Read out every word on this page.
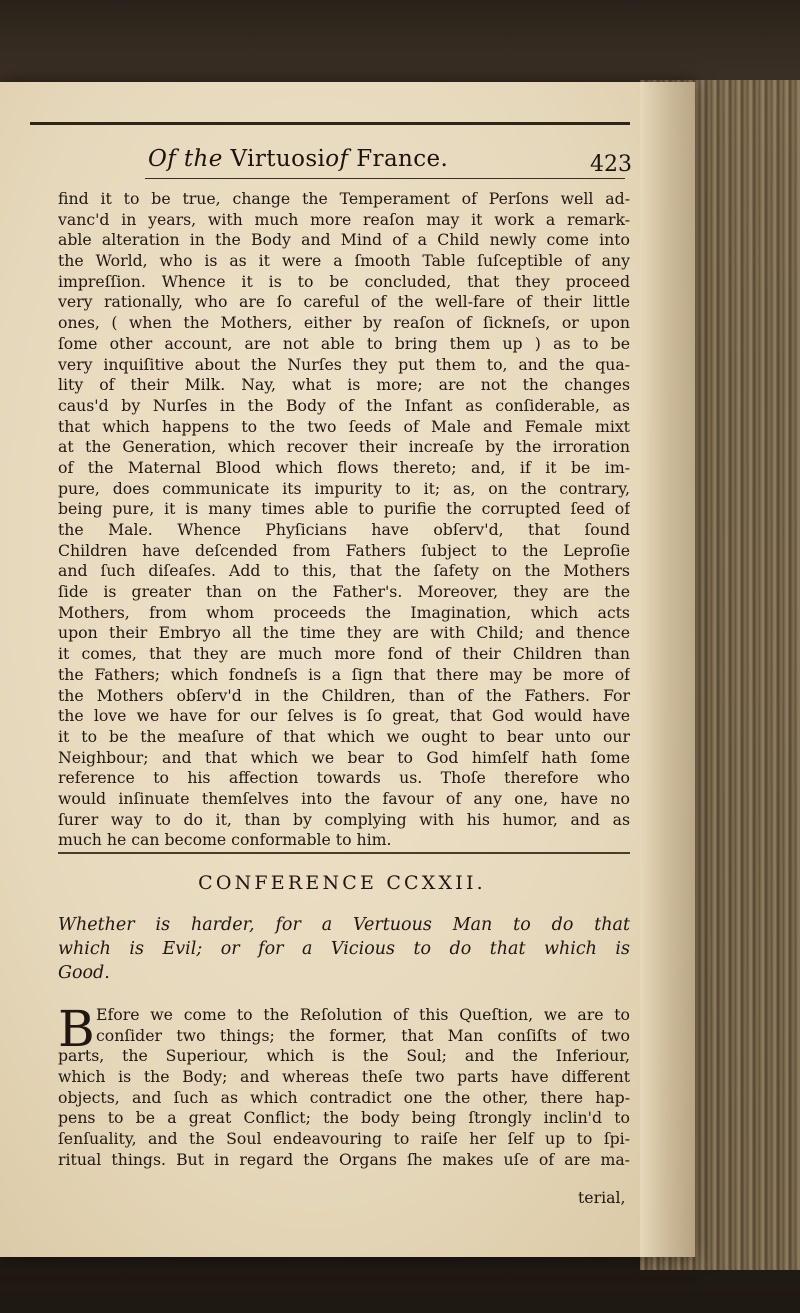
Of the Virtuosiof France.	423
find it to be true, change the Temperament of Perſons well ad-
vanc'd in years, with much more reaſon may it work a remark-
able alteration in the Body and Mind of a Child newly come into
the World, who is as it were a ſmooth Table ſuſceptible of any
impreſſion. Whence it is to be concluded, that they proceed
very rationally, who are ſo careful of the well-fare of their little
ones, ( when the Mothers, either by reaſon of ſickneſs, or upon
ſome other account, are not able to bring them up ) as to be
very inquiſitive about the Nurſes they put them to, and the qua-
lity of their Milk. Nay, what is more; are not the changes
caus'd by Nurſes in the Body of the Infant as conſiderable, as
that which happens to the two ſeeds of Male and Female mixt
at the Generation, which recover their increaſe by the irroration
of the Maternal Blood which flows thereto; and, if it be im-
pure, does communicate its impurity to it; as, on the contrary,
being pure, it is many times able to purifie the corrupted ſeed of
the Male. Whence Phyſicians have obſerv'd, that ſound
Children have deſcended from Fathers ſubject to the Leproſie
and ſuch diſeaſes. Add to this, that the ſafety on the Mothers
ſide is greater than on the Father's. Moreover, they are the
Mothers, from whom proceeds the Imagination, which acts
upon their Embryo all the time they are with Child; and thence
it comes, that they are much more fond of their Children than
the Fathers; which fondneſs is a ſign that there may be more of
the Mothers obſerv'd in the Children, than of the Fathers. For
the love we have for our ſelves is ſo great, that God would have
it to be the meaſure of that which we ought to bear unto our
Neighbour; and that which we bear to God himſelf hath ſome
reference to his affection towards us. Thoſe therefore who
would inſinuate themſelves into the favour of any one, have no
ſurer way to do it, than by complying with his humor, and as
much he can become conformable to him.
CONFERENCE CCXXII.
Whether is harder, for a Vertuous Man to do that
which is Evil; or for a Vicious to do that which is
Good.
B Efore we come to the Reſolution of this Queſtion, we are to
conſider two things; the former, that Man conſiſts of two
parts, the Superiour, which is the Soul; and the Inferiour,
which is the Body; and whereas theſe two parts have different
objects, and ſuch as which contradict one the other, there hap-
pens to be a great Conflict; the body being ſtrongly inclin'd to
ſenſuality, and the Soul endeavouring to raiſe her ſelf up to ſpi-
ritual things. But in regard the Organs ſhe makes uſe of are ma-
terial,
